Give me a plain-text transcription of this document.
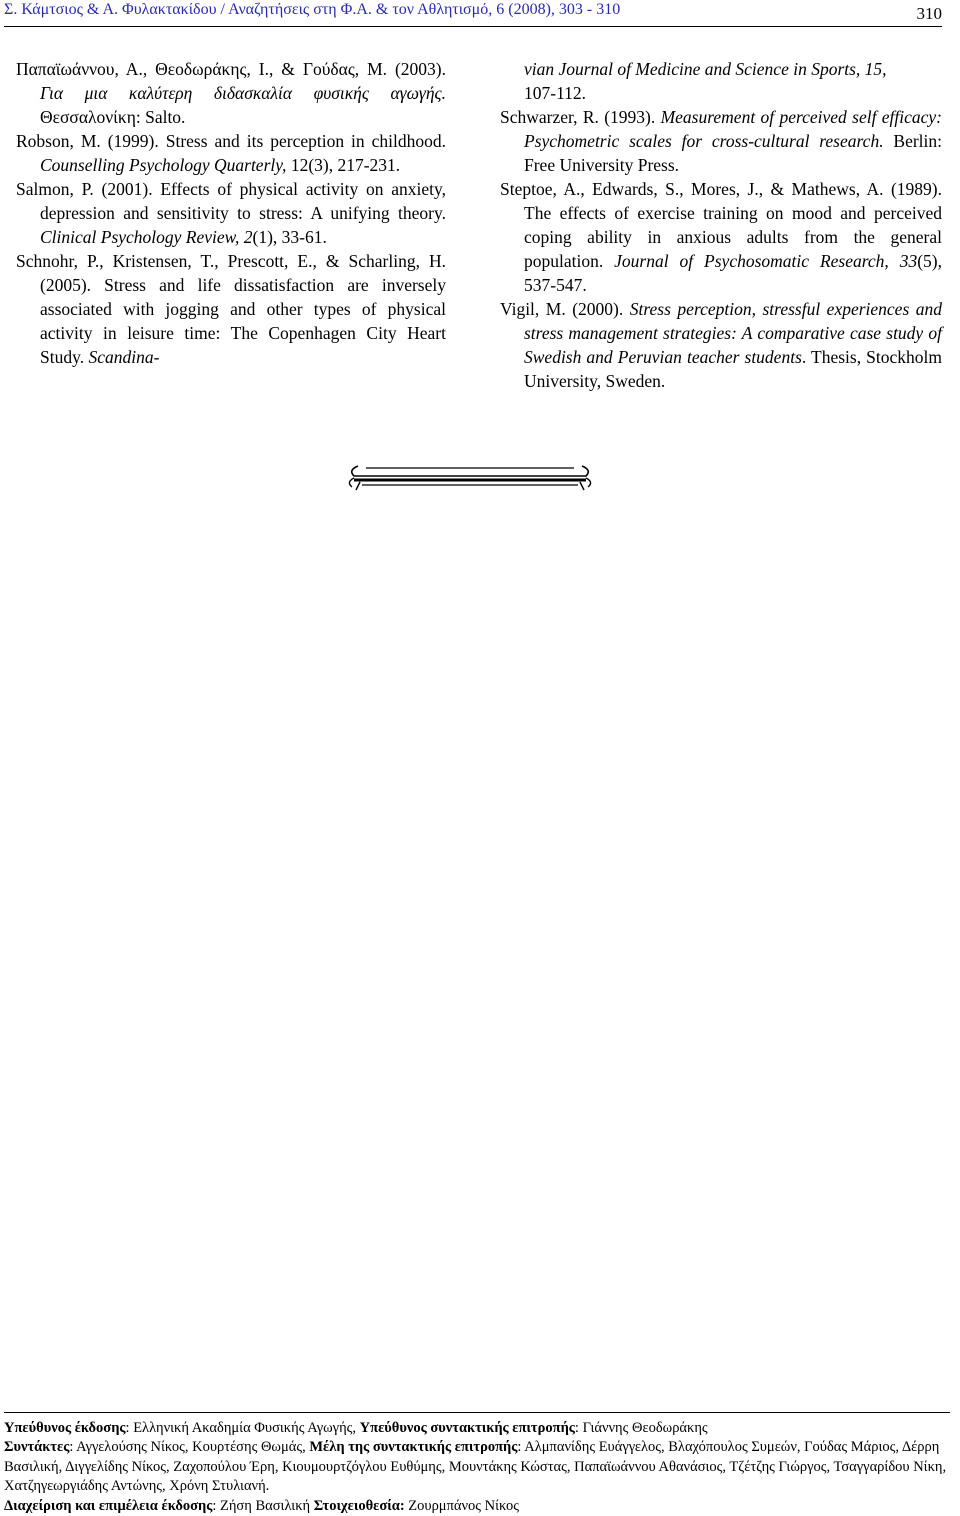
Σ. Κάμτσιος & Α. Φυλακτακίδου / Αναζητήσεις στη Φ.Α. & τον Αθλητισμό, 6 (2008), 303 - 310	310

Παπαϊωάννου, Α., Θεοδωράκης, Ι., & Γούδας, Μ. (2003). Για μια καλύτερη διδασκαλία φυσικής αγωγής. Θεσσαλονίκη: Salto.

Robson, M. (1999). Stress and its perception in childhood. Counselling Psychology Quarterly, 12(3), 217-231.

Salmon, P. (2001). Effects of physical activity on anxiety, depression and sensitivity to stress: A unifying theory. Clinical Psychology Review, 2(1), 33-61.

Schnohr, P., Kristensen, T., Prescott, E., & Scharling, H. (2005). Stress and life dissatisfaction are inversely associated with jogging and other types of physical activity in leisure time: The Copenhagen City Heart Study. Scandina-

vian Journal of Medicine and Science in Sports, 15,
107-112.

Schwarzer, R. (1993). Measurement of perceived self efficacy: Psychometric scales for cross-cultural research. Berlin: Free University Press.

Steptoe, A., Edwards, S., Mores, J., & Mathews, A. (1989). The effects of exercise training on mood and perceived coping ability in anxious adults from the general population. Journal of Psychosomatic Research, 33(5), 537-547.

Vigil, M. (2000). Stress perception, stressful experiences and stress management strategies: A comparative case study of Swedish and Peruvian teacher students. Thesis, Stockholm University, Sweden.

Υπεύθυνος έκδοσης: Ελληνική Ακαδημία Φυσικής Αγωγής, Υπεύθυνος συντακτικής επιτροπής: Γιάννης Θεοδωράκης
Συντάκτες: Αγγελούσης Νίκος, Κουρτέσης Θωμάς, Μέλη της συντακτικής επιτροπής: Αλμπανίδης Ευάγγελος, Βλαχόπουλος Συμεών, Γούδας Μάριος, Δέρρη Βασιλική, Διγγελίδης Νίκος, Ζαχοπούλου Έρη, Κιουμουρτζόγλου Ευθύμης, Μουντάκης Κώστας, Παπαϊωάννου Αθανάσιος, Τζέτζης Γιώργος, Τσαγγαρίδου Νίκη, Χατζηγεωργιάδης Αντώνης, Χρόνη Στυλιανή.
Διαχείριση και επιμέλεια έκδοσης: Ζήση Βασιλική Στοιχειοθεσία: Ζουρμπάνος Νίκος
